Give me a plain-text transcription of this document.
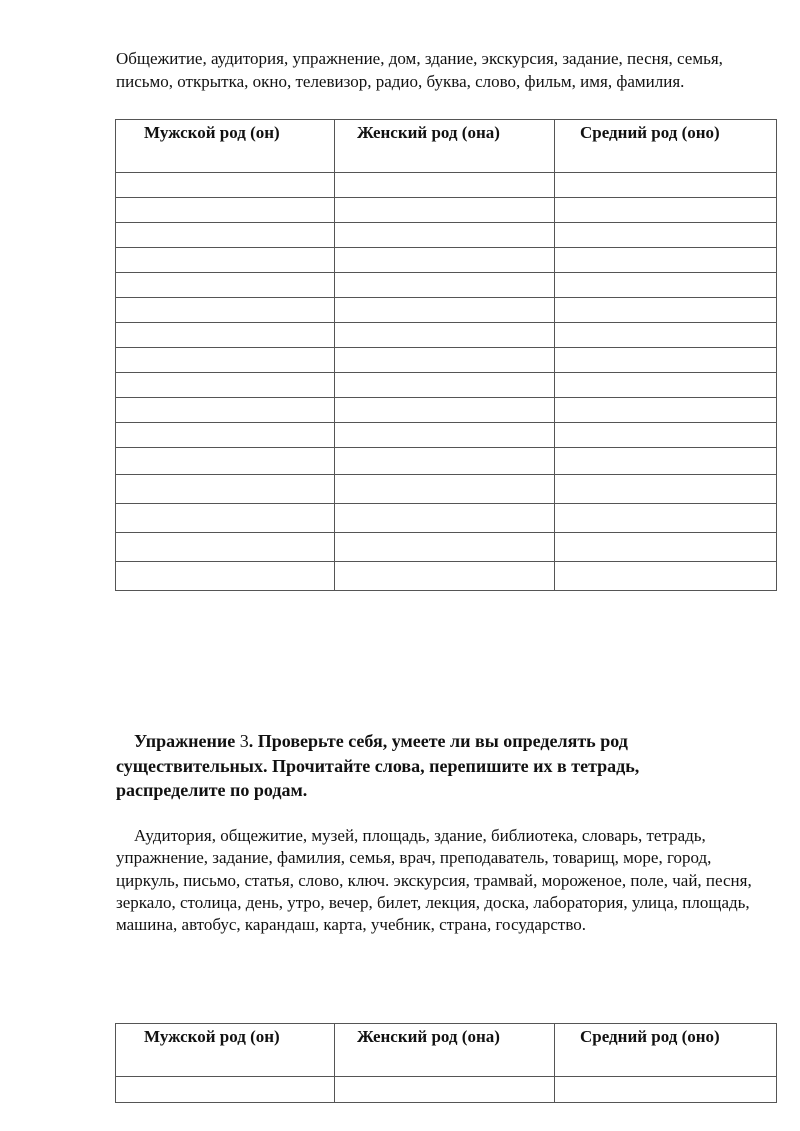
Общежитие, аудитория, упражнение, дом, здание, экскурсия, задание, песня, семья, письмо, открытка, окно, телевизор, радио, буква, слово, фильм, имя, фамилия.
Мужской род (он)	Женский род (она)	Средний род (оно)

Упражнение 3. Проверьте себя, умеете ли вы определять род существительных. Прочитайте слова, перепишите их в тетрадь, распределите по родам.
Аудитория, общежитие, музей, площадь, здание, библиотека, словарь, тетрадь, упражнение, задание, фамилия, семья, врач, преподаватель, товарищ, море, город, циркуль, письмо, статья, слово, ключ. экскурсия, трамвай, мороженое, поле, чай, песня, зеркало, столица, день, утро, вечер, билет, лекция, доска, лаборатория, улица, площадь, машина, автобус, карандаш, карта, учебник, страна, государство.
Мужской род (он)	Женский род (она)	Средний род (оно)
